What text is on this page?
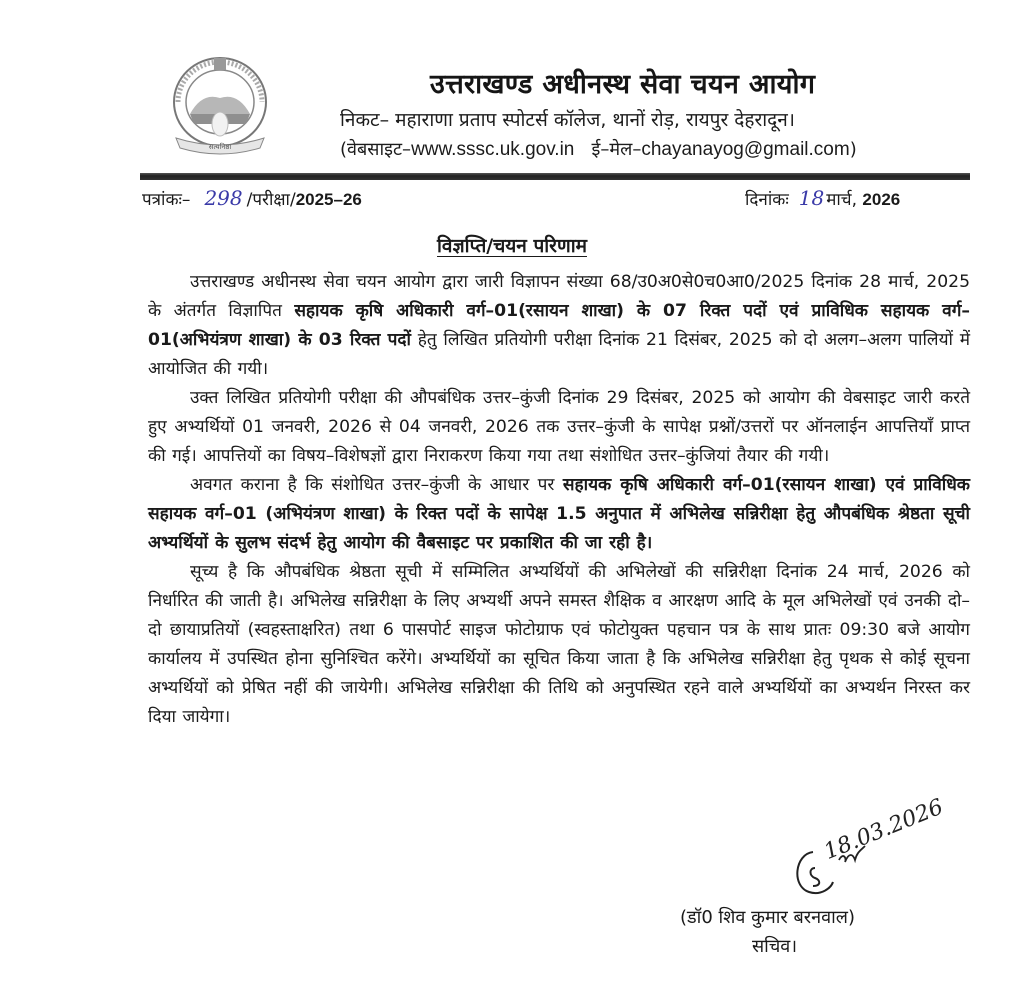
सत्यनिष्ठा
उत्तराखण्ड अधीनस्थ सेवा चयन आयोग
निकट– महाराणा प्रताप स्पोटर्स कॉलेज, थानों रोड़, रायपुर देहरादून।
(वेबसाइट–www.sssc.uk.gov.in ई–मेल–chayanayog@gmail.com)
पत्रांकः– 298 /परीक्षा/2025–26	दिनांकः 18 मार्च, 2026
विज्ञप्ति/चयन परिणाम

उत्तराखण्ड अधीनस्थ सेवा चयन आयोग द्वारा जारी विज्ञापन संख्या 68/उ0अ0से0च0आ0/2025 दिनांक 28 मार्च, 2025 के अंतर्गत विज्ञापित सहायक कृषि अधिकारी वर्ग–01(रसायन शाखा) के 07 रिक्त पदों एवं प्राविधिक सहायक वर्ग–01(अभियंत्रण शाखा) के 03 रिक्त पदों हेतु लिखित प्रतियोगी परीक्षा दिनांक 21 दिसंबर, 2025 को दो अलग–अलग पालियों में आयोजित की गयी।

उक्त लिखित प्रतियोगी परीक्षा की औपबंधिक उत्तर–कुंजी दिनांक 29 दिसंबर, 2025 को आयोग की वेबसाइट जारी करते हुए अभ्यर्थियों 01 जनवरी, 2026 से 04 जनवरी, 2026 तक उत्तर–कुंजी के सापेक्ष प्रश्नों/उत्तरों पर ऑनलाईन आपत्तियाँ प्राप्त की गई। आपत्तियों का विषय–विशेषज्ञों द्वारा निराकरण किया गया तथा संशोधित उत्तर–कुंजियां तैयार की गयी।

अवगत कराना है कि संशोधित उत्तर–कुंजी के आधार पर सहायक कृषि अधिकारी वर्ग–01(रसायन शाखा) एवं प्राविधिक सहायक वर्ग–01 (अभियंत्रण शाखा) के रिक्त पदों के सापेक्ष 1.5 अनुपात में अभिलेख सन्निरीक्षा हेतु औपबंधिक श्रेष्ठता सूची अभ्यर्थियों के सुलभ संदर्भ हेतु आयोग की वैबसाइट पर प्रकाशित की जा रही है।

सूच्य है कि औपबंधिक श्रेष्ठता सूची में सम्मिलित अभ्यर्थियों की अभिलेखों की सन्निरीक्षा दिनांक 24 मार्च, 2026 को निर्धारित की जाती है। अभिलेख सन्निरीक्षा के लिए अभ्यर्थी अपने समस्त शैक्षिक व आरक्षण आदि के मूल अभिलेखों एवं उनकी दो–दो छायाप्रतियों (स्वहस्ताक्षरित) तथा 6 पासपोर्ट साइज फोटोग्राफ एवं फोटोयुक्त पहचान पत्र के साथ प्रातः 09:30 बजे आयोग कार्यालय में उपस्थित होना सुनिश्चित करेंगे। अभ्यर्थियों का सूचित किया जाता है कि अभिलेख सन्निरीक्षा हेतु पृथक से कोई सूचना अभ्यर्थियों को प्रेषित नहीं की जायेगी। अभिलेख सन्निरीक्षा की तिथि को अनुपस्थित रहने वाले अभ्यर्थियों का अभ्यर्थन निरस्त कर दिया जायेगा।

18.03.2026
(डॉ0 शिव कुमार बरनवाल)
सचिव।
